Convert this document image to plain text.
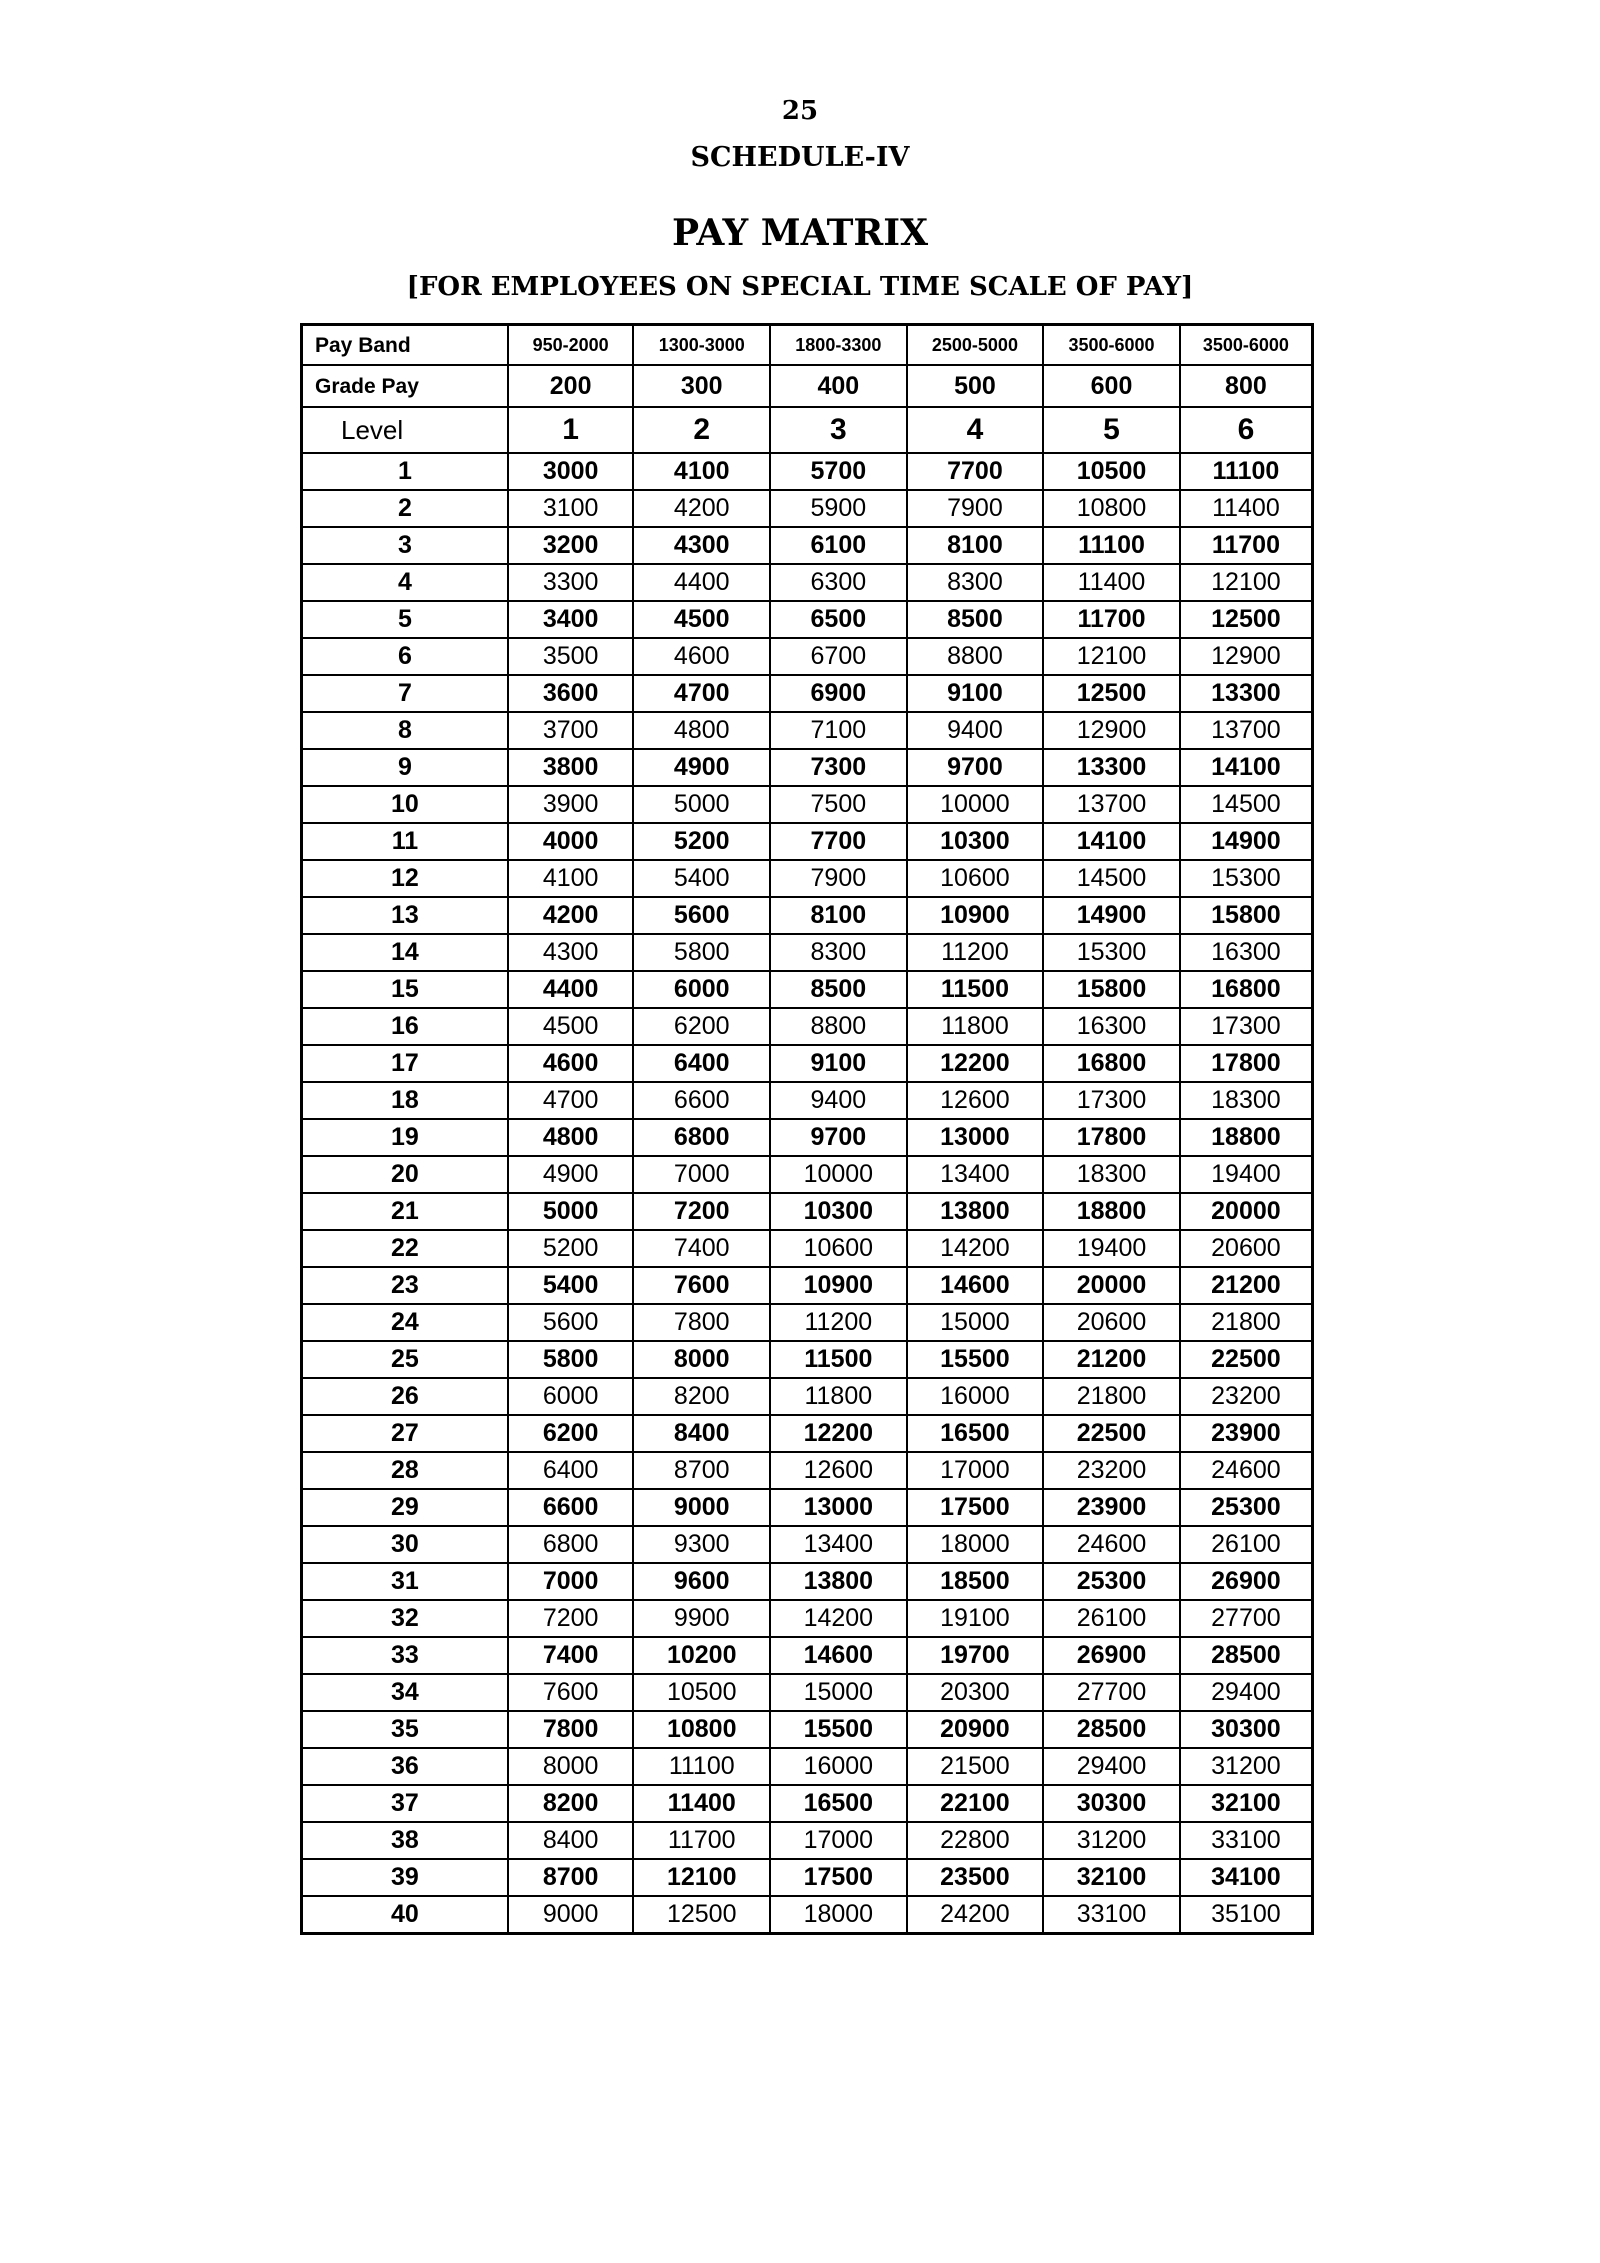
25
SCHEDULE-IV
PAY MATRIX
[FOR EMPLOYEES ON SPECIAL TIME SCALE OF PAY]
Pay Band	950-2000	1300-3000	1800-3300	2500-5000	3500-6000	3500-6000
Grade Pay	200	300	400	500	600	800
Level	1	2	3	4	5	6
1	3000	4100	5700	7700	10500	11100
2	3100	4200	5900	7900	10800	11400
3	3200	4300	6100	8100	11100	11700
4	3300	4400	6300	8300	11400	12100
5	3400	4500	6500	8500	11700	12500
6	3500	4600	6700	8800	12100	12900
7	3600	4700	6900	9100	12500	13300
8	3700	4800	7100	9400	12900	13700
9	3800	4900	7300	9700	13300	14100
10	3900	5000	7500	10000	13700	14500
11	4000	5200	7700	10300	14100	14900
12	4100	5400	7900	10600	14500	15300
13	4200	5600	8100	10900	14900	15800
14	4300	5800	8300	11200	15300	16300
15	4400	6000	8500	11500	15800	16800
16	4500	6200	8800	11800	16300	17300
17	4600	6400	9100	12200	16800	17800
18	4700	6600	9400	12600	17300	18300
19	4800	6800	9700	13000	17800	18800
20	4900	7000	10000	13400	18300	19400
21	5000	7200	10300	13800	18800	20000
22	5200	7400	10600	14200	19400	20600
23	5400	7600	10900	14600	20000	21200
24	5600	7800	11200	15000	20600	21800
25	5800	8000	11500	15500	21200	22500
26	6000	8200	11800	16000	21800	23200
27	6200	8400	12200	16500	22500	23900
28	6400	8700	12600	17000	23200	24600
29	6600	9000	13000	17500	23900	25300
30	6800	9300	13400	18000	24600	26100
31	7000	9600	13800	18500	25300	26900
32	7200	9900	14200	19100	26100	27700
33	7400	10200	14600	19700	26900	28500
34	7600	10500	15000	20300	27700	29400
35	7800	10800	15500	20900	28500	30300
36	8000	11100	16000	21500	29400	31200
37	8200	11400	16500	22100	30300	32100
38	8400	11700	17000	22800	31200	33100
39	8700	12100	17500	23500	32100	34100
40	9000	12500	18000	24200	33100	35100
